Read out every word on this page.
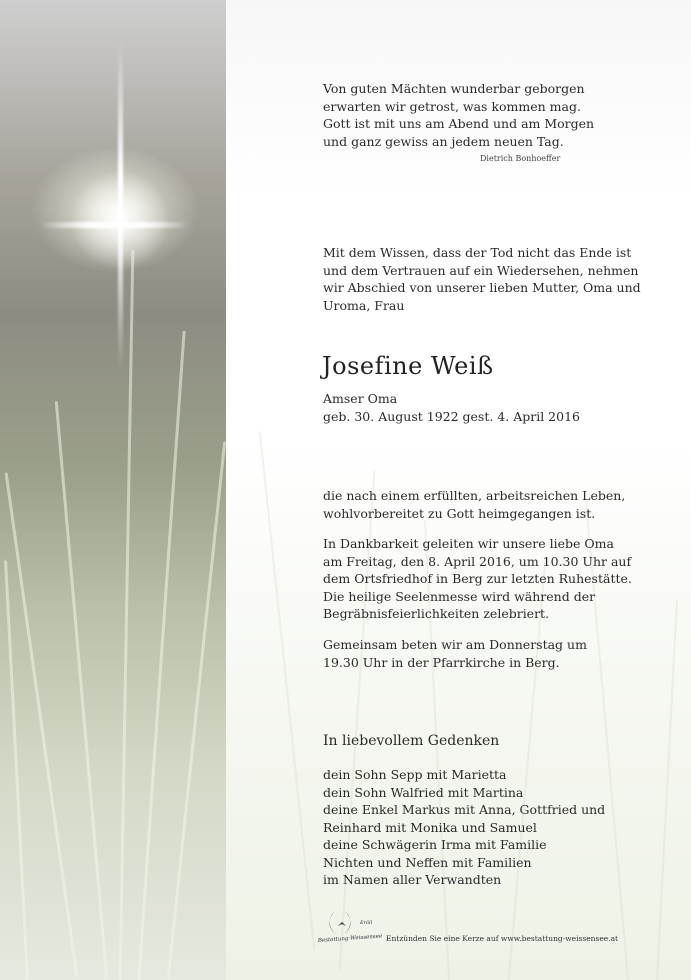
Von guten Mächten wunderbar geborgen
erwarten wir getrost, was kommen mag.
Gott ist mit uns am Abend und am Morgen
und ganz gewiss an jedem neuen Tag.
Dietrich Bonhoeffer
Mit dem Wissen, dass der Tod nicht das Ende ist
und dem Vertrauen auf ein Wiedersehen, nehmen
wir Abschied von unserer lieben Mutter, Oma und
Uroma, Frau
Josefine Weiß
Amser Oma
geb. 30. August 1922 gest. 4. April 2016
die nach einem erfüllten, arbeitsreichen Leben,
wohlvorbereitet zu Gott heimgegangen ist.
In Dankbarkeit geleiten wir unsere liebe Oma
am Freitag, den 8. April 2016, um 10.30 Uhr auf
dem Ortsfriedhof in Berg zur letzten Ruhestätte.
Die heilige Seelenmesse wird während der
Begräbnisfeierlichkeiten zelebriert.
Gemeinsam beten wir am Donnerstag um
19.30 Uhr in der Pfarrkirche in Berg.
In liebevollem Gedenken
dein Sohn Sepp mit Marietta
dein Sohn Walfried mit Martina
deine Enkel Markus mit Anna, Gottfried und
Reinhard mit Monika und Samuel
deine Schwägerin Irma mit Familie
Nichten und Neffen mit Familien
im Namen aller Verwandten
Bestattung·Weissensee
Eröll
Entzünden Sie eine Kerze auf www.bestattung-weissensee.at
